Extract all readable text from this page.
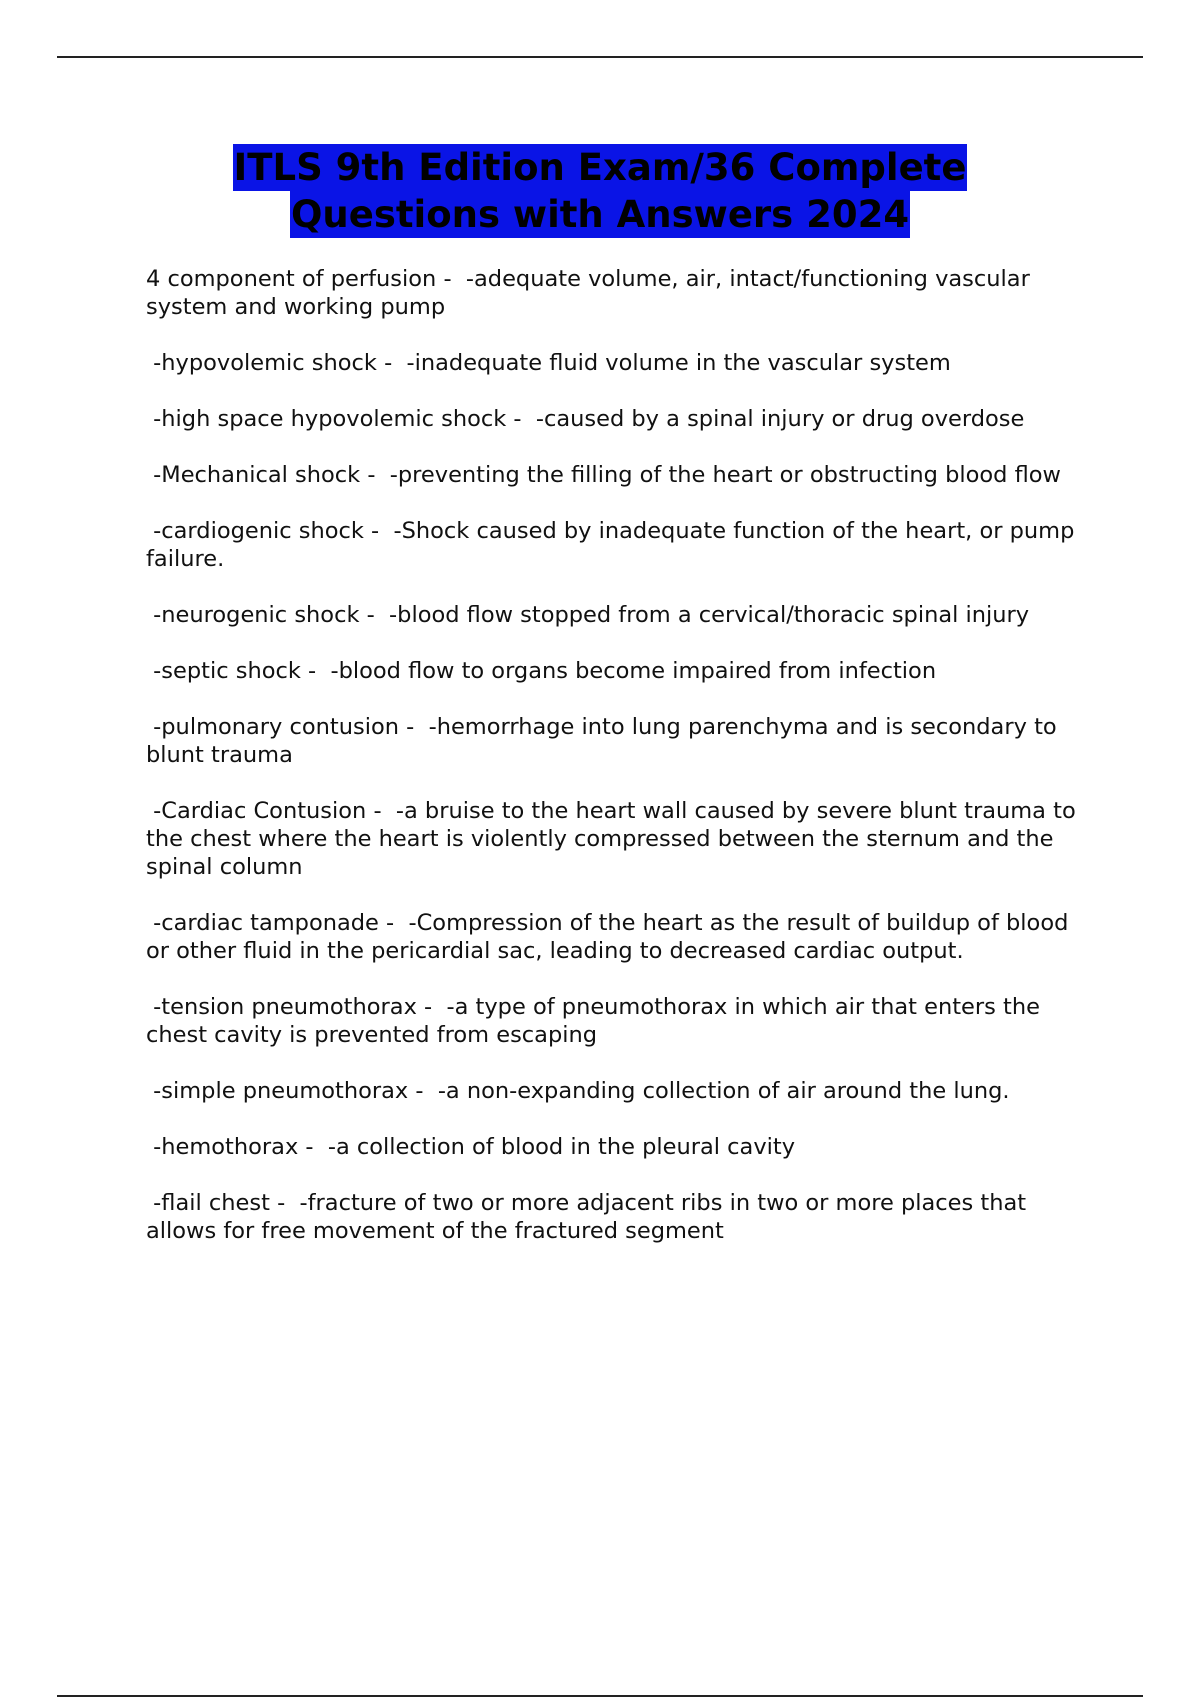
ITLS 9th Edition Exam/36 Complete
Questions with Answers 2024

4 component of perfusion -  -adequate volume, air, intact/functioning vascular system and working pump

-hypovolemic shock -  -inadequate fluid volume in the vascular system

-high space hypovolemic shock -  -caused by a spinal injury or drug overdose

-Mechanical shock -  -preventing the filling of the heart or obstructing blood flow

-cardiogenic shock -  -Shock caused by inadequate function of the heart, or pump failure.

-neurogenic shock -  -blood flow stopped from a cervical/thoracic spinal injury

-septic shock -  -blood flow to organs become impaired from infection

-pulmonary contusion -  -hemorrhage into lung parenchyma and is secondary to blunt trauma

-Cardiac Contusion -  -a bruise to the heart wall caused by severe blunt trauma to the chest where the heart is violently compressed between the sternum and the spinal column

-cardiac tamponade -  -Compression of the heart as the result of buildup of blood or other fluid in the pericardial sac, leading to decreased cardiac output.

-tension pneumothorax -  -a type of pneumothorax in which air that enters the chest cavity is prevented from escaping

-simple pneumothorax -  -a non-expanding collection of air around the lung.

-hemothorax -  -a collection of blood in the pleural cavity

-flail chest -  -fracture of two or more adjacent ribs in two or more places that allows for free movement of the fractured segment
